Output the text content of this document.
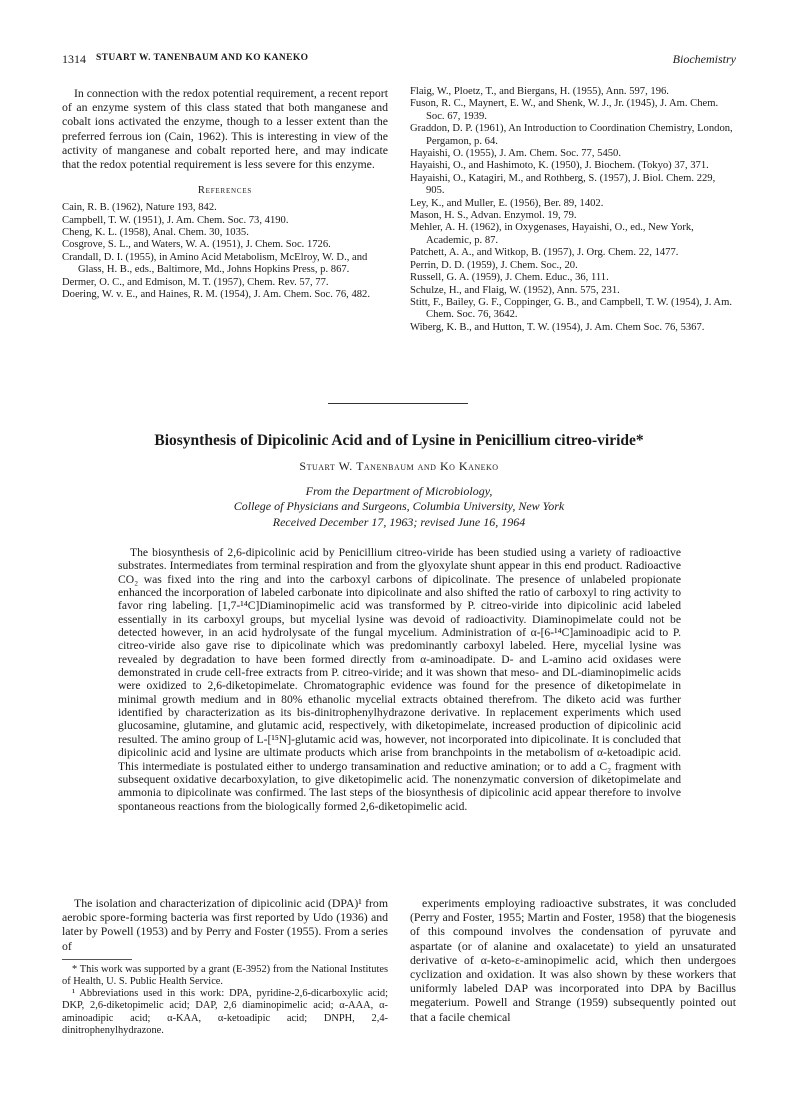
1314 STUART W. TANENBAUM AND KO KANEKO	Biochemistry

In connection with the redox potential requirement, a recent report of an enzyme system of this class stated that both manganese and cobalt ions activated the enzyme, though to a lesser extent than the preferred ferrous ion (Cain, 1962). This is interesting in view of the activity of manganese and cobalt reported here, and may indicate that the redox potential requirement is less severe for this enzyme.

References
Cain, R. B. (1962), Nature 193, 842.
Campbell, T. W. (1951), J. Am. Chem. Soc. 73, 4190.
Cheng, K. L. (1958), Anal. Chem. 30, 1035.
Cosgrove, S. L., and Waters, W. A. (1951), J. Chem. Soc. 1726.
Crandall, D. I. (1955), in Amino Acid Metabolism, McElroy, W. D., and Glass, H. B., eds., Baltimore, Md., Johns Hopkins Press, p. 867.
Dermer, O. C., and Edmison, M. T. (1957), Chem. Rev. 57, 77.
Doering, W. v. E., and Haines, R. M. (1954), J. Am. Chem. Soc. 76, 482.
Flaig, W., Ploetz, T., and Biergans, H. (1955), Ann. 597, 196.
Fuson, R. C., Maynert, E. W., and Shenk, W. J., Jr. (1945), J. Am. Chem. Soc. 67, 1939.
Graddon, D. P. (1961), An Introduction to Coordination Chemistry, London, Pergamon, p. 64.
Hayaishi, O. (1955), J. Am. Chem. Soc. 77, 5450.
Hayaishi, O., and Hashimoto, K. (1950), J. Biochem. (Tokyo) 37, 371.
Hayaishi, O., Katagiri, M., and Rothberg, S. (1957), J. Biol. Chem. 229, 905.
Ley, K., and Muller, E. (1956), Ber. 89, 1402.
Mason, H. S., Advan. Enzymol. 19, 79.
Mehler, A. H. (1962), in Oxygenases, Hayaishi, O., ed., New York, Academic, p. 87.
Patchett, A. A., and Witkop, B. (1957), J. Org. Chem. 22, 1477.
Perrin, D. D. (1959), J. Chem. Soc., 20.
Russell, G. A. (1959), J. Chem. Educ., 36, 111.
Schulze, H., and Flaig, W. (1952), Ann. 575, 231.
Stitt, F., Bailey, G. F., Coppinger, G. B., and Campbell, T. W. (1954), J. Am. Chem. Soc. 76, 3642.
Wiberg, K. B., and Hutton, T. W. (1954), J. Am. Chem Soc. 76, 5367.
Biosynthesis of Dipicolinic Acid and of Lysine in Penicillium citreo-viride*
Stuart W. Tanenbaum and Ko Kaneko
From the Department of Microbiology,
College of Physicians and Surgeons, Columbia University, New York
Received December 17, 1963; revised June 16, 1964

The biosynthesis of 2,6-dipicolinic acid by Penicillium citreo-viride has been studied using a variety of radioactive substrates. Intermediates from terminal respiration and from the glyoxylate shunt appear in this end product. Radioactive CO₂ was fixed into the ring and into the carboxyl carbons of dipicolinate. The presence of unlabeled propionate enhanced the incorporation of labeled carbonate into dipicolinate and also shifted the ratio of carboxyl to ring activity to favor ring labeling. [1,7-¹⁴C]Diaminopimelic acid was transformed by P. citreo-viride into dipicolinic acid labeled essentially in its carboxyl groups, but mycelial lysine was devoid of radioactivity. Diaminopimelate could not be detected however, in an acid hydrolysate of the fungal mycelium. Administration of α-[6-¹⁴C]aminoadipic acid to P. citreo-viride also gave rise to dipicolinate which was predominantly carboxyl labeled. Here, mycelial lysine was revealed by degradation to have been formed directly from α-aminoadipate. D- and L-amino acid oxidases were demonstrated in crude cell-free extracts from P. citreo-viride; and it was shown that meso- and DL-diaminopimelic acids were oxidized to 2,6-diketopimelate. Chromatographic evidence was found for the presence of diketopimelate in minimal growth medium and in 80% ethanolic mycelial extracts obtained therefrom. The diketo acid was further identified by characterization as its bis-dinitrophenylhydrazone derivative. In replacement experiments which used glucosamine, glutamine, and glutamic acid, respectively, with diketopimelate, increased production of dipicolinic acid resulted. The amino group of L-[¹⁵N]-glutamic acid was, however, not incorporated into dipicolinate. It is concluded that dipicolinic acid and lysine are ultimate products which arise from branchpoints in the metabolism of α-ketoadipic acid. This intermediate is postulated either to undergo transamination and reductive amination; or to add a C₂ fragment with subsequent oxidative decarboxylation, to give diketopimelic acid. The nonenzymatic conversion of diketopimelate and ammonia to dipicolinate was confirmed. The last steps of the biosynthesis of dipicolinic acid appear therefore to involve spontaneous reactions from the biologically formed 2,6-diketopimelic acid.

The isolation and characterization of dipicolinic acid (DPA)¹ from aerobic spore-forming bacteria was first reported by Udo (1936) and later by Powell (1953) and by Perry and Foster (1955). From a series of

* This work was supported by a grant (E-3952) from the National Institutes of Health, U. S. Public Health Service.

¹ Abbreviations used in this work: DPA, pyridine-2,6-dicarboxylic acid; DKP, 2,6-diketopimelic acid; DAP, 2,6 diaminopimelic acid; α-AAA, α-aminoadipic acid; α-KAA, α-ketoadipic acid; DNPH, 2,4-dinitrophenylhydrazone.

experiments employing radioactive substrates, it was concluded (Perry and Foster, 1955; Martin and Foster, 1958) that the biogenesis of this compound involves the condensation of pyruvate and aspartate (or of alanine and oxalacetate) to yield an unsaturated derivative of α-keto-ε-aminopimelic acid, which then undergoes cyclization and oxidation. It was also shown by these workers that uniformly labeled DAP was incorporated into DPA by Bacillus megaterium. Powell and Strange (1959) subsequently pointed out that a facile chemical
